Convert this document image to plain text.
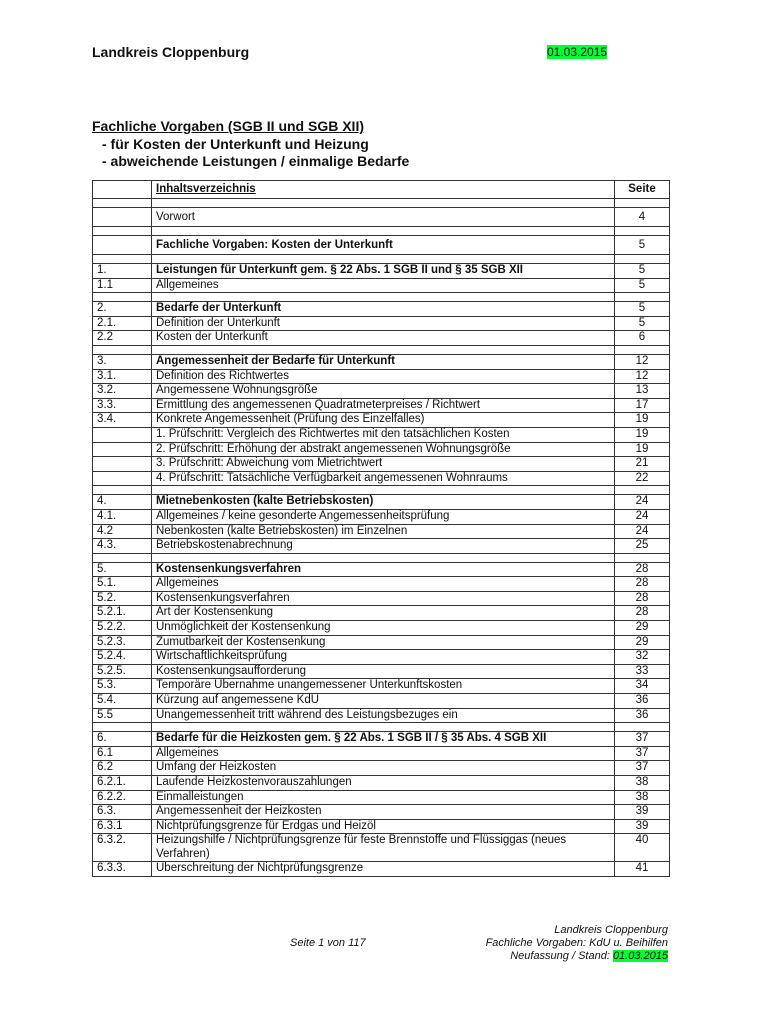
Landkreis Cloppenburg	01.03.2015
Fachliche Vorgaben (SGB II und SGB XII)
- für Kosten der Unterkunft und Heizung
- abweichende Leistungen / einmalige Bedarfe
	Inhaltsverzeichnis	Seite

	Vorwort	4

	Fachliche Vorgaben: Kosten der Unterkunft	5

1.	Leistungen für Unterkunft gem. § 22 Abs. 1 SGB II und § 35 SGB XII	5
1.1	Allgemeines	5

2.	Bedarfe der Unterkunft	5
2.1.	Definition der Unterkunft	5
2.2	Kosten der Unterkunft	6

3.	Angemessenheit der Bedarfe für Unterkunft	12
3.1.	Definition des Richtwertes	12
3.2.	Angemessene Wohnungsgröße	13
3.3.	Ermittlung des angemessenen Quadratmeterpreises / Richtwert	17
3.4.	Konkrete Angemessenheit (Prüfung des Einzelfalles)	19
	1. Prüfschritt: Vergleich des Richtwertes mit den tatsächlichen Kosten	19
	2. Prüfschritt: Erhöhung der abstrakt angemessenen Wohnungsgröße	19
	3. Prüfschritt: Abweichung vom Mietrichtwert	21
	4. Prüfschritt: Tatsächliche Verfügbarkeit angemessenen Wohnraums	22

4.	Mietnebenkosten (kalte Betriebskosten)	24
4.1.	Allgemeines / keine gesonderte Angemessenheitsprüfung	24
4.2	Nebenkosten (kalte Betriebskosten) im Einzelnen	24
4.3.	Betriebskostenabrechnung	25

5.	Kostensenkungsverfahren	28
5.1.	Allgemeines	28
5.2.	Kostensenkungsverfahren	28
5.2.1.	Art der Kostensenkung	28
5.2.2.	Unmöglichkeit der Kostensenkung	29
5.2.3.	Zumutbarkeit der Kostensenkung	29
5.2.4.	Wirtschaftlichkeitsprüfung	32
5.2.5.	Kostensenkungsaufforderung	33
5.3.	Temporäre Übernahme unangemessener Unterkunftskosten	34
5.4.	Kürzung auf angemessene KdU	36
5.5	Unangemessenheit tritt während des Leistungsbezuges ein	36

6.	Bedarfe für die Heizkosten gem. § 22 Abs. 1 SGB II / § 35 Abs. 4 SGB XII	37
6.1	Allgemeines	37
6.2	Umfang der Heizkosten	37
6.2.1.	Laufende Heizkostenvorauszahlungen	38
6.2.2.	Einmalleistungen	38
6.3.	Angemessenheit der Heizkosten	39
6.3.1	Nichtprüfungsgrenze für Erdgas und Heizöl	39
6.3.2.	Heizungshilfe / Nichtprüfungsgrenze für feste Brennstoffe und Flüssiggas (neues Verfahren)	40
6.3.3.	Überschreitung der Nichtprüfungsgrenze	41
Seite 1 von 117
Landkreis Cloppenburg
Fachliche Vorgaben: KdU u. Beihilfen
Neufassung / Stand: 01.03.2015
